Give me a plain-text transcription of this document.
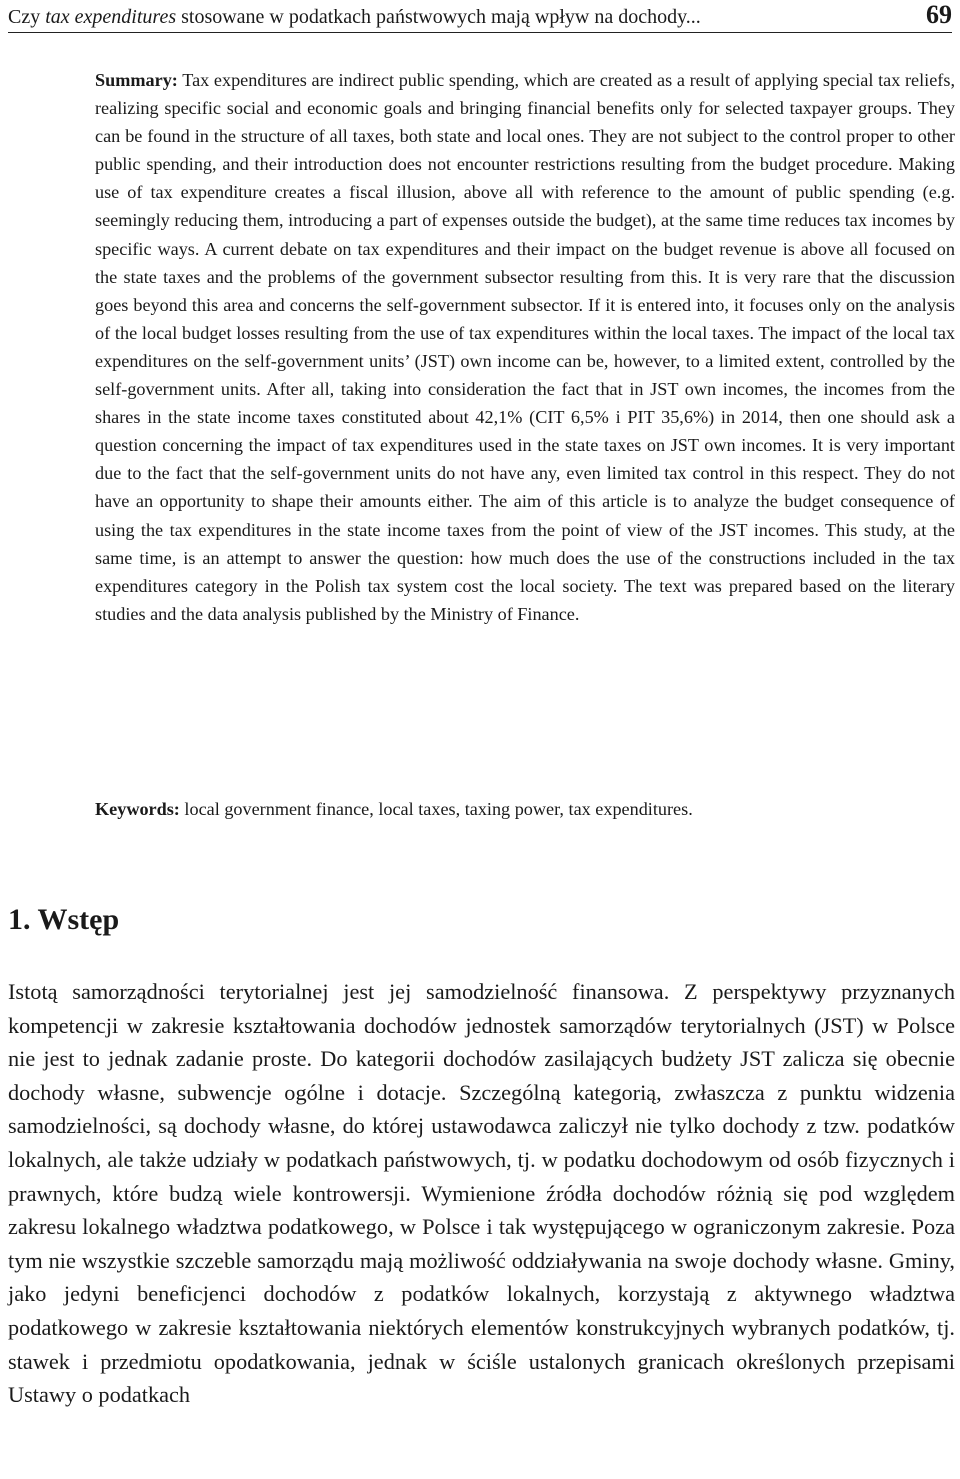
Czy tax expenditures stosowane w podatkach państwowych mają wpływ na dochody...	69
Summary: Tax expenditures are indirect public spending, which are created as a result of applying special tax reliefs, realizing specific social and economic goals and bringing financial benefits only for selected taxpayer groups. They can be found in the structure of all taxes, both state and local ones. They are not subject to the control proper to other public spending, and their introduction does not encounter restrictions resulting from the budget procedure. Making use of tax expenditure creates a fiscal illusion, above all with reference to the amount of public spending (e.g. seemingly reducing them, introducing a part of expenses outside the budget), at the same time reduces tax incomes by specific ways. A current debate on tax expenditures and their impact on the budget revenue is above all focused on the state taxes and the problems of the government subsector resulting from this. It is very rare that the discussion goes beyond this area and concerns the self-government subsector. If it is entered into, it focuses only on the analysis of the local budget losses resulting from the use of tax expenditures within the local taxes. The impact of the local tax expenditures on the self-government units’ (JST) own income can be, however, to a limited extent, controlled by the self-government units. After all, taking into consideration the fact that in JST own incomes, the incomes from the shares in the state income taxes constituted about 42,1% (CIT 6,5% i PIT 35,6%) in 2014, then one should ask a question concerning the impact of tax expenditures used in the state taxes on JST own incomes. It is very important due to the fact that the self-government units do not have any, even limited tax control in this respect. They do not have an opportunity to shape their amounts either. The aim of this article is to analyze the budget consequence of using the tax expenditures in the state income taxes from the point of view of the JST incomes. This study, at the same time, is an attempt to answer the question: how much does the use of the constructions included in the tax expenditures category in the Polish tax system cost the local society. The text was prepared based on the literary studies and the data analysis published by the Ministry of Finance.
Keywords: local government finance, local taxes, taxing power, tax expenditures.
1. Wstęp
Istotą samorządności terytorialnej jest jej samodzielność finansowa. Z perspektywy przyznanych kompetencji w zakresie kształtowania dochodów jednostek samorządów terytorialnych (JST) w Polsce nie jest to jednak zadanie proste. Do kategorii dochodów zasilających budżety JST zalicza się obecnie dochody własne, subwencje ogólne i dotacje. Szczególną kategorią, zwłaszcza z punktu widzenia samodzielności, są dochody własne, do której ustawodawca zaliczył nie tylko dochody z tzw. podatków lokalnych, ale także udziały w podatkach państwowych, tj. w podatku dochodowym od osób fizycznych i prawnych, które budzą wiele kontrowersji. Wymienione źródła dochodów różnią się pod względem zakresu lokalnego władztwa podatkowego, w Polsce i tak występującego w ograniczonym zakresie. Poza tym nie wszystkie szczeble samorządu mają możliwość oddziaływania na swoje dochody własne. Gminy, jako jedyni beneficjenci dochodów z podatków lokalnych, korzystają z aktywnego władztwa podatkowego w zakresie kształtowania niektórych elementów konstrukcyjnych wybranych podatków, tj. stawek i przedmiotu opodatkowania, jednak w ściśle ustalonych granicach określonych przepisami Ustawy o podatkach
